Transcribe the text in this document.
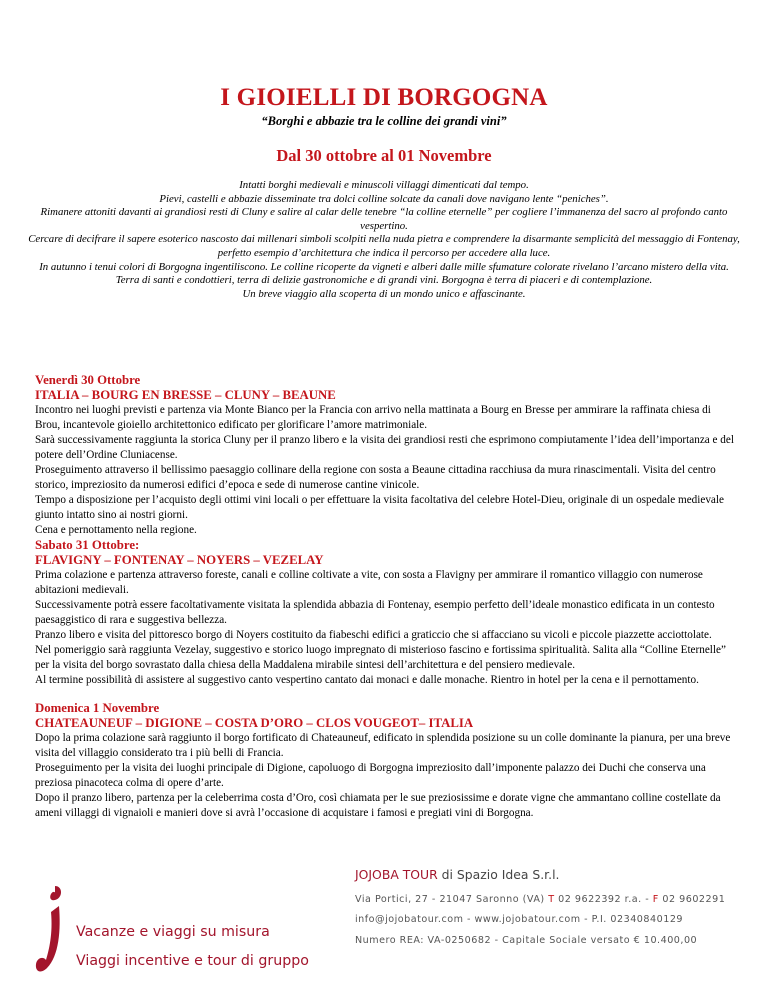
I GIOIELLI DI BORGOGNA
“Borghi e abbazie tra le colline dei grandi vini”
Dal 30 ottobre al 01 Novembre

Intatti borghi medievali e minuscoli villaggi dimenticati dal tempo.

Pievi, castelli e abbazie disseminate tra dolci colline solcate da canali dove navigano lente “peniches”.

Rimanere attoniti davanti ai grandiosi resti di Cluny e salire al calar delle tenebre “la colline eternelle” per cogliere l’immanenza del sacro al profondo canto vespertino.

Cercare di decifrare il sapere esoterico nascosto dai millenari simboli scolpiti nella nuda pietra e comprendere la disarmante semplicità del messaggio di Fontenay, perfetto esempio d’architettura che indica il percorso per accedere alla luce.

In autunno i tenui colori di Borgogna ingentiliscono. Le colline ricoperte da vigneti e alberi dalle mille sfumature colorate rivelano l’arcano mistero della vita.

Terra di santi e condottieri, terra di delizie gastronomiche e di grandi vini. Borgogna è terra di piaceri e di contemplazione.

Un breve viaggio alla scoperta di un mondo unico e affascinante.

Venerdì 30 Ottobre

ITALIA – BOURG EN BRESSE – CLUNY – BEAUNE

Incontro nei luoghi previsti e partenza via Monte Bianco per la Francia con arrivo nella mattinata a Bourg en Bresse per ammirare la raffinata chiesa di Brou, incantevole gioiello architettonico edificato per glorificare l’amore matrimoniale.

Sarà successivamente raggiunta la storica Cluny per il pranzo libero e la visita dei grandiosi resti che esprimono compiutamente l’idea dell’importanza e del potere dell’Ordine Cluniacense.

Proseguimento attraverso il bellissimo paesaggio collinare della regione con sosta a Beaune cittadina racchiusa da mura rinascimentali. Visita del centro storico, impreziosito da numerosi edifici d’epoca e sede di numerose cantine vinicole.

Tempo a disposizione per l’acquisto degli ottimi vini locali o per effettuare la visita facoltativa del celebre Hotel-Dieu, originale di un ospedale medievale giunto intatto sino ai nostri giorni.

Cena e pernottamento nella regione.

Sabato 31 Ottobre:

FLAVIGNY – FONTENAY – NOYERS – VEZELAY

Prima colazione e partenza attraverso foreste, canali e colline coltivate a vite, con sosta a Flavigny per ammirare il romantico villaggio con numerose abitazioni medievali.

Successivamente potrà essere facoltativamente visitata la splendida abbazia di Fontenay, esempio perfetto dell’ideale monastico edificata in un contesto paesaggistico di rara e suggestiva bellezza.

Pranzo libero e visita del pittoresco borgo di Noyers costituito da fiabeschi edifici a graticcio che si affacciano su vicoli e piccole piazzette acciottolate.

Nel pomeriggio sarà raggiunta Vezelay, suggestivo e storico luogo impregnato di misterioso fascino e fortissima spiritualità. Salita alla “Colline Eternelle” per la visita del borgo sovrastato dalla chiesa della Maddalena mirabile sintesi dell’architettura e del pensiero medievale.

Al termine possibilità di assistere al suggestivo canto vespertino cantato dai monaci e dalle monache. Rientro in hotel per la cena e il pernottamento.

Domenica 1 Novembre

CHATEAUNEUF – DIGIONE – COSTA D’ORO – CLOS VOUGEOT– ITALIA

Dopo la prima colazione sarà raggiunto il borgo fortificato di Chateauneuf, edificato in splendida posizione su un colle dominante la pianura, per una breve visita del villaggio considerato tra i più belli di Francia.

Proseguimento per la visita dei luoghi principale di Digione, capoluogo di Borgogna impreziosito dall’imponente palazzo dei Duchi che conserva una preziosa pinacoteca colma di opere d’arte.

Dopo il pranzo libero, partenza per la celeberrima costa d’Oro, così chiamata per le sue preziosissime e dorate vigne che ammantano colline costellate da ameni villaggi di vignaioli e manieri dove si avrà l’occasione di acquistare i famosi e pregiati vini di Borgogna.

Vacanze e viaggi su misura
Viaggi incentive e tour di gruppo
JOJOBA TOUR di Spazio Idea S.r.l.
Via Portici, 27 - 21047 Saronno (VA) T 02 9622392 r.a. - F 02 9602291
info@jojobatour.com - www.jojobatour.com - P.I. 02340840129
Numero REA: VA-0250682 - Capitale Sociale versato € 10.400,00
